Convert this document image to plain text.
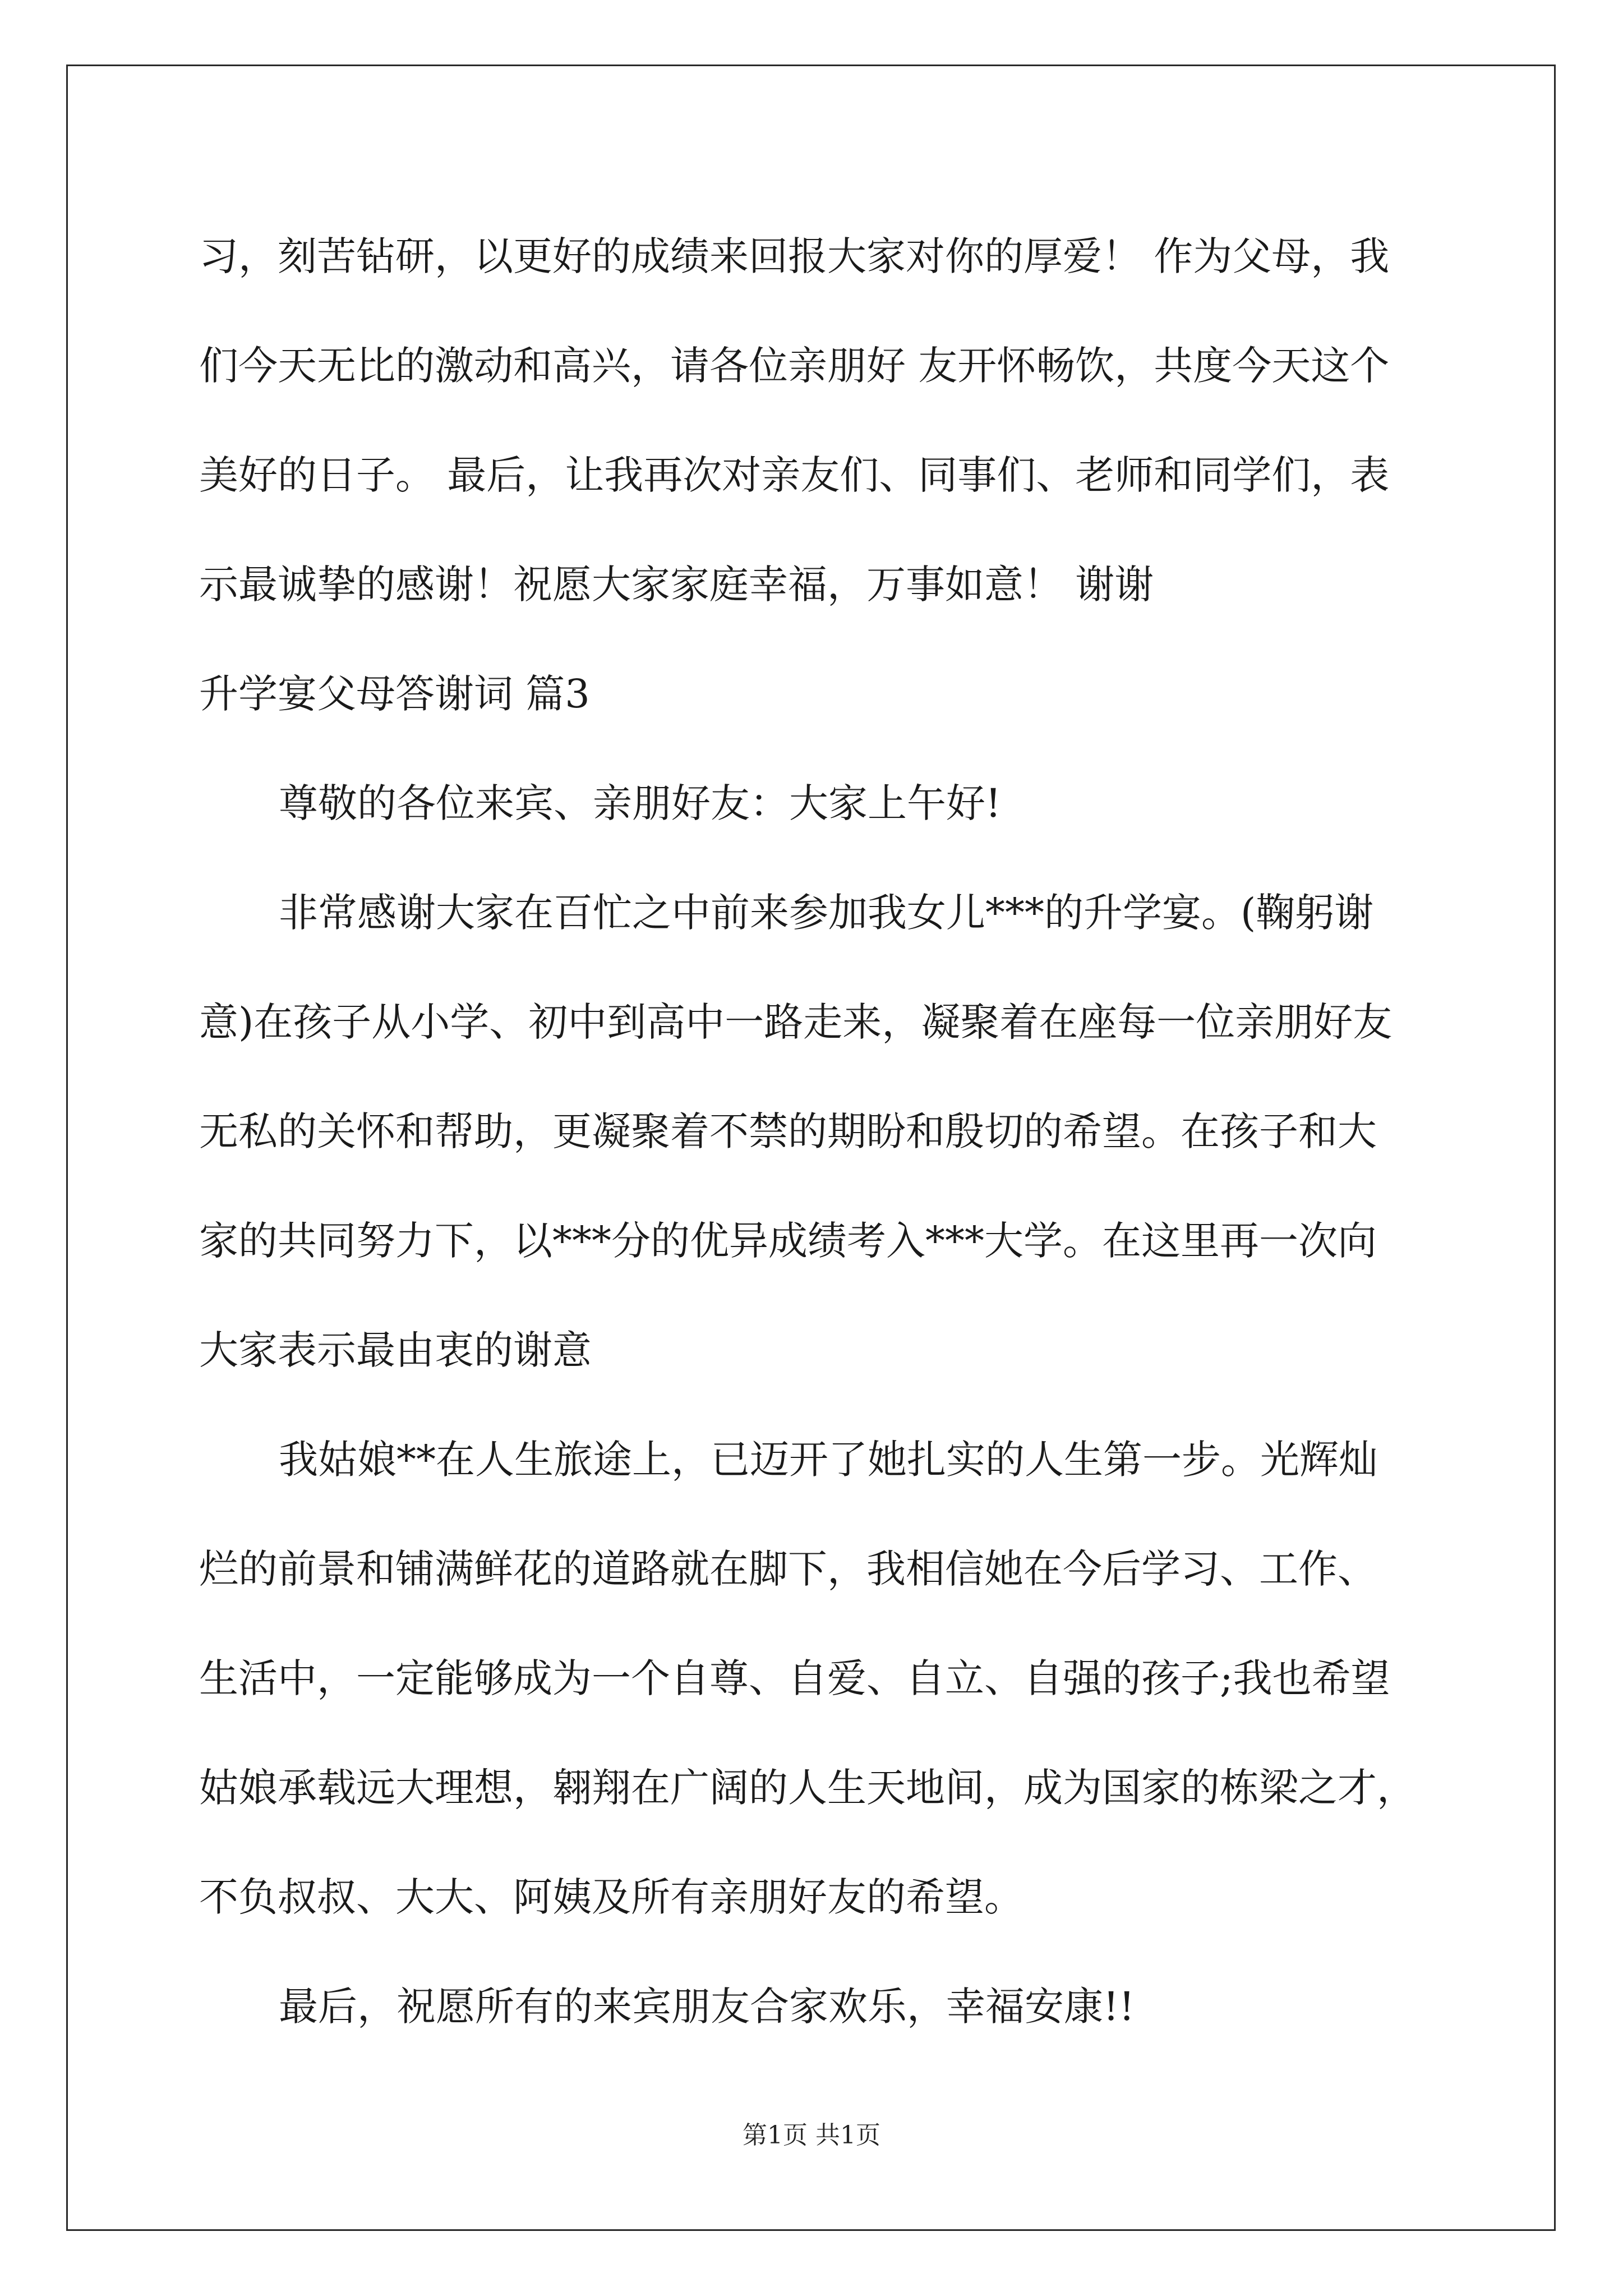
习，刻苦钻研，以更好的成绩来回报大家对你的厚爱！ 作为父母，我
们今天无比的激动和高兴，请各位亲朋好 友开怀畅饮，共度今天这个
美好的日子。 最后，让我再次对亲友们、同事们、老师和同学们，表
示最诚挚的感谢！祝愿大家家庭幸福，万事如意！ 谢谢
升学宴父母答谢词 篇3
尊敬的各位来宾、亲朋好友：大家上午好!
非常感谢大家在百忙之中前来参加我女儿***的升学宴。(鞠躬谢
意)在孩子从小学、初中到高中一路走来，凝聚着在座每一位亲朋好友
无私的关怀和帮助，更凝聚着不禁的期盼和殷切的希望。在孩子和大
家的共同努力下，以***分的优异成绩考入***大学。在这里再一次向
大家表示最由衷的谢意
我姑娘**在人生旅途上，已迈开了她扎实的人生第一步。光辉灿
烂的前景和铺满鲜花的道路就在脚下，我相信她在今后学习、工作、
生活中，一定能够成为一个自尊、自爱、自立、自强的孩子;我也希望
姑娘承载远大理想，翱翔在广阔的人生天地间，成为国家的栋梁之才，
不负叔叔、大大、阿姨及所有亲朋好友的希望。
最后，祝愿所有的来宾朋友合家欢乐，幸福安康!!
第1页 共1页
